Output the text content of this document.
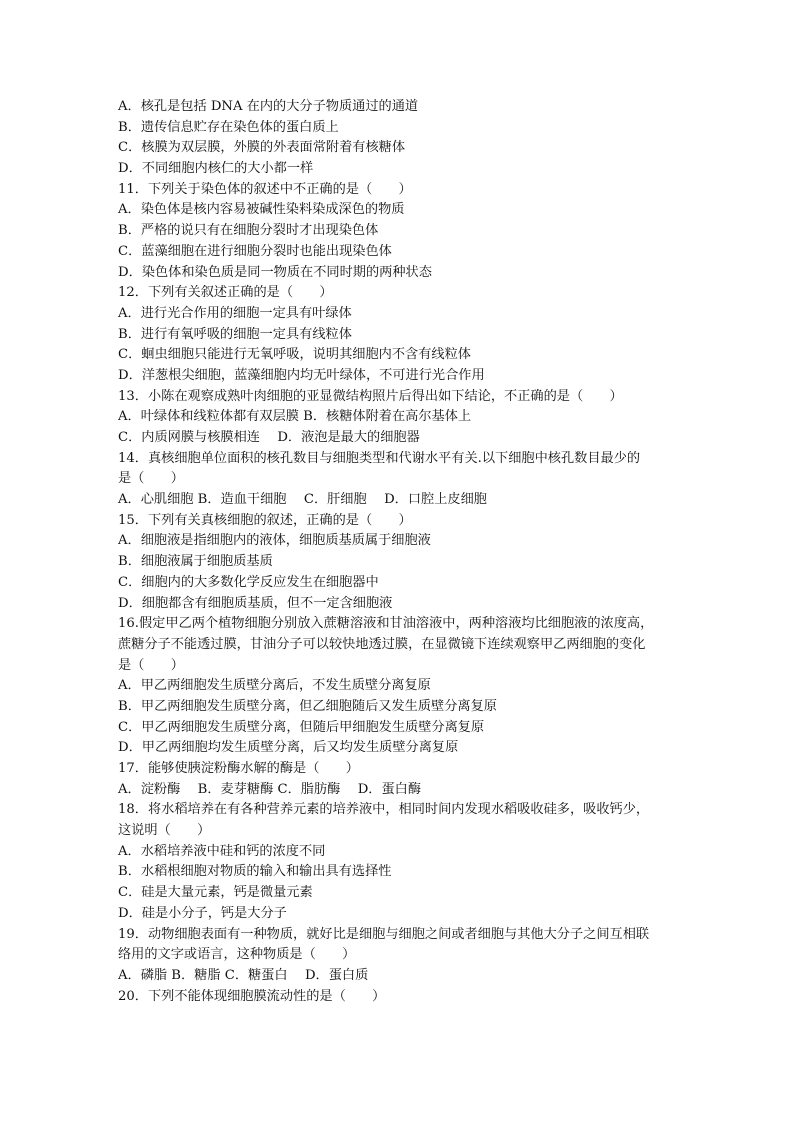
A．核孔是包括 DNA 在内的大分子物质通过的通道
B．遗传信息贮存在染色体的蛋白质上
C．核膜为双层膜，外膜的外表面常附着有核糖体
D．不同细胞内核仁的大小都一样
11．下列关于染色体的叙述中不正确的是（　　）
A．染色体是核内容易被碱性染料染成深色的物质
B．严格的说只有在细胞分裂时才出现染色体
C．蓝藻细胞在进行细胞分裂时也能出现染色体
D．染色体和染色质是同一物质在不同时期的两种状态
12．下列有关叙述正确的是（　　）
A．进行光合作用的细胞一定具有叶绿体
B．进行有氧呼吸的细胞一定具有线粒体
C．蛔虫细胞只能进行无氧呼吸，说明其细胞内不含有线粒体
D．洋葱根尖细胞，蓝藻细胞内均无叶绿体，不可进行光合作用
13．小陈在观察成熟叶肉细胞的亚显微结构照片后得出如下结论，不正确的是（　　）
A．叶绿体和线粒体都有双层膜 B．核糖体附着在高尔基体上
C．内质网膜与核膜相连　 D．液泡是最大的细胞器
14．真核细胞单位面积的核孔数目与细胞类型和代谢水平有关.以下细胞中核孔数目最少的
是（　　）
A．心肌细胞 B．造血干细胞　 C．肝细胞　 D．口腔上皮细胞
15．下列有关真核细胞的叙述，正确的是（　　）
A．细胞液是指细胞内的液体，细胞质基质属于细胞液
B．细胞液属于细胞质基质
C．细胞内的大多数化学反应发生在细胞器中
D．细胞都含有细胞质基质，但不一定含细胞液
16.假定甲乙两个植物细胞分别放入蔗糖溶液和甘油溶液中，两种溶液均比细胞液的浓度高，
蔗糖分子不能透过膜，甘油分子可以较快地透过膜，在显微镜下连续观察甲乙两细胞的变化
是（　　）
A．甲乙两细胞发生质壁分离后，不发生质壁分离复原
B．甲乙两细胞发生质壁分离，但乙细胞随后又发生质壁分离复原
C．甲乙两细胞发生质壁分离，但随后甲细胞发生质壁分离复原
D．甲乙两细胞均发生质壁分离，后又均发生质壁分离复原
17．能够使胰淀粉酶水解的酶是（　　）
A．淀粉酶　 B．麦芽糖酶 C．脂肪酶　 D．蛋白酶
18．将水稻培养在有各种营养元素的培养液中，相同时间内发现水稻吸收硅多，吸收钙少，
这说明（　　）
A．水稻培养液中硅和钙的浓度不同
B．水稻根细胞对物质的输入和输出具有选择性
C．硅是大量元素，钙是微量元素
D．硅是小分子，钙是大分子
19．动物细胞表面有一种物质，就好比是细胞与细胞之间或者细胞与其他大分子之间互相联
络用的文字或语言，这种物质是（　　）
A．磷脂 B．糖脂 C．糖蛋白　 D．蛋白质
20．下列不能体现细胞膜流动性的是（　　）
